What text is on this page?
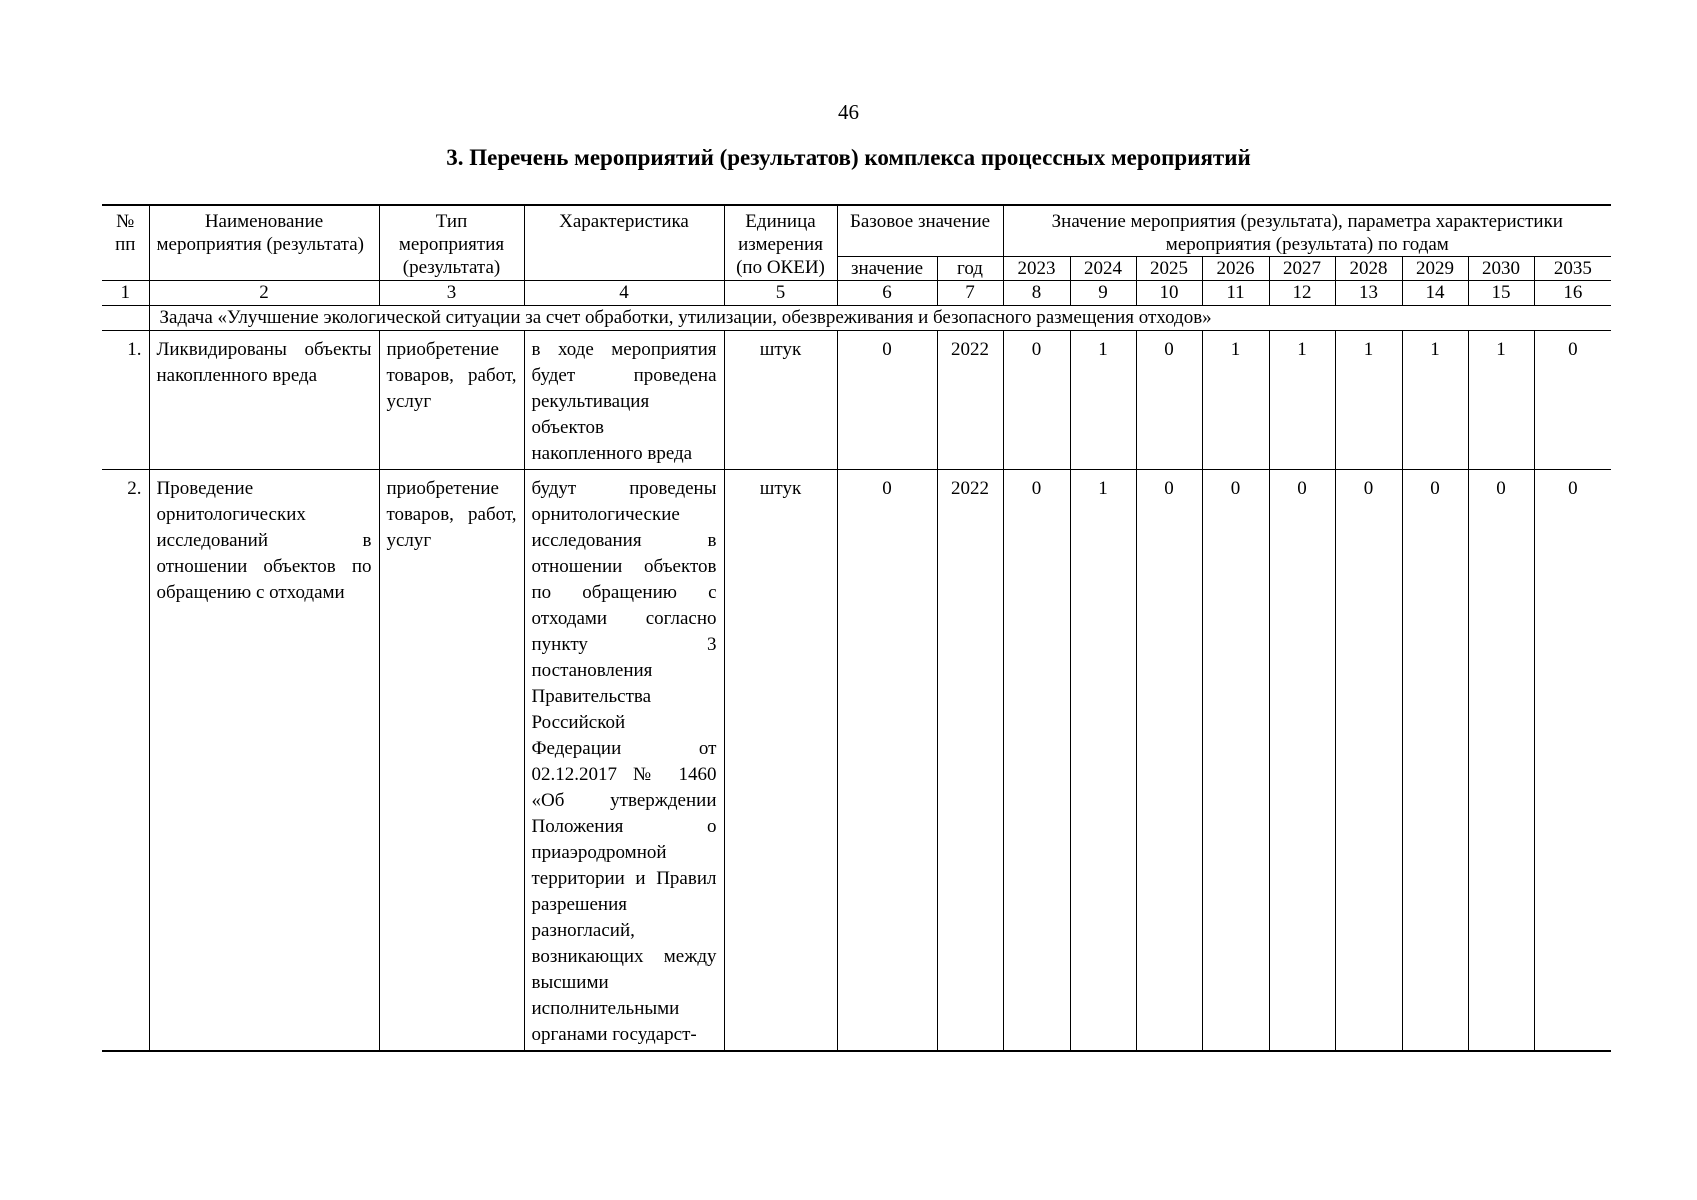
46
3. Перечень мероприятий (результатов) комплекса процессных мероприятий
№ пп	Наименование мероприятия (результата)	Тип мероприятия (результата)	Характеристика	Единица измерения (по ОКЕИ)	Базовое значение		Значение мероприятия (результата), параметра характеристики мероприятия (результата) по годам								
					значение	год	2023	2024	2025	2026	2027	2028	2029	2030	2035
1	2	3	4	5	6	7	8	9	10	11	12	13	14	15	16
	Задача «Улучшение экологической ситуации за счет обработки, утилизации, обезвреживания и безопасного размещения отходов»														
1.	Ликвидированы объекты накопленного вреда	приобретение товаров, работ, услуг	в ходе мероприятия будет проведена рекультивация объектов накопленного вреда	штук	0	2022	0	1	0	1	1	1	1	1	0
2.	Проведение орнитологических исследований в отношении объектов по обращению с отходами	приобретение товаров, работ, услуг	будут проведены орнитологические исследования в отношении объектов по обращению с отходами согласно пункту 3 постановления Правительства Российской Федерации от 02.12.2017 № 1460 «Об утверждении Положения о приаэродромной территории и Правил разрешения разногласий, возникающих между высшими исполнительными органами государст-	штук	0	2022	0	1	0	0	0	0	0	0	0
